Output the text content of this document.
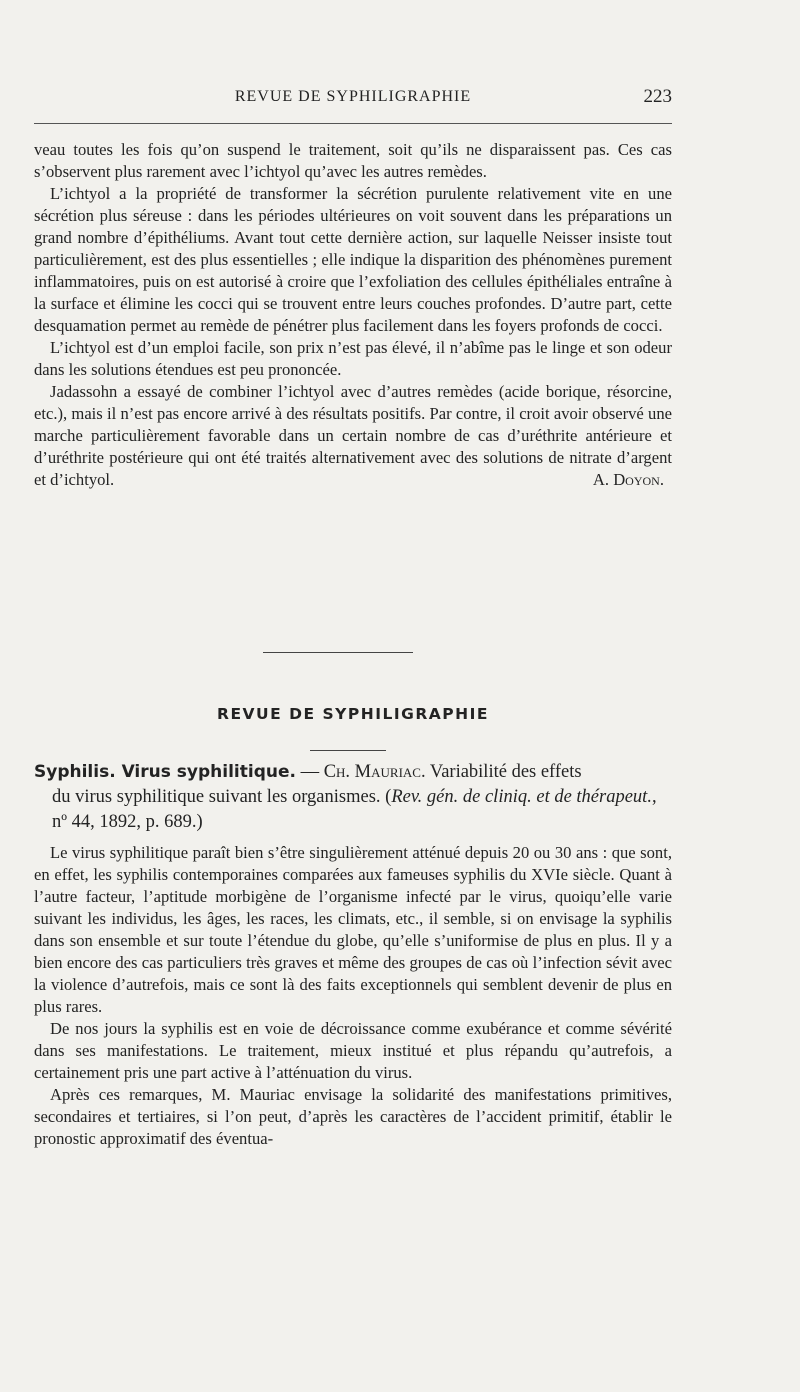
REVUE DE SYPHILIGRAPHIE	223

veau toutes les fois qu’on suspend le traitement, soit qu’ils ne disparaissent pas. Ces cas s’observent plus rarement avec l’ichtyol qu’avec les autres remèdes.

L’ichtyol a la propriété de transformer la sécrétion purulente relativement vite en une sécrétion plus séreuse : dans les périodes ultérieures on voit souvent dans les préparations un grand nombre d’épithéliums. Avant tout cette dernière action, sur laquelle Neisser insiste tout particulièrement, est des plus essentielles ; elle indique la disparition des phénomènes purement inflammatoires, puis on est autorisé à croire que l’exfoliation des cellules épithéliales entraîne à la surface et élimine les cocci qui se trouvent entre leurs couches profondes. D’autre part, cette desquamation permet au remède de pénétrer plus facilement dans les foyers profonds de cocci.

L’ichtyol est d’un emploi facile, son prix n’est pas élevé, il n’abîme pas le linge et son odeur dans les solutions étendues est peu prononcée.

Jadassohn a essayé de combiner l’ichtyol avec d’autres remèdes (acide borique, résorcine, etc.), mais il n’est pas encore arrivé à des résultats positifs. Par contre, il croit avoir observé une marche particulièrement favorable dans un certain nombre de cas d’uréthrite antérieure et d’uréthrite postérieure qui ont été traités alternativement avec des solutions de nitrate d’argent et d’ichtyol.	A. Doyon.
REVUE DE SYPHILIGRAPHIE
Syphilis. Virus syphilitique. — Ch. Mauriac. Variabilité des effets
du virus syphilitique suivant les organismes. (Rev. gén. de cliniq. et de thérapeut., nº 44, 1892, p. 689.)

Le virus syphilitique paraît bien s’être singulièrement atténué depuis 20 ou 30 ans : que sont, en effet, les syphilis contemporaines comparées aux fameuses syphilis du XVIe siècle. Quant à l’autre facteur, l’aptitude morbigène de l’organisme infecté par le virus, quoiqu’elle varie suivant les individus, les âges, les races, les climats, etc., il semble, si on envisage la syphilis dans son ensemble et sur toute l’étendue du globe, qu’elle s’uniformise de plus en plus. Il y a bien encore des cas particuliers très graves et même des groupes de cas où l’infection sévit avec la violence d’autrefois, mais ce sont là des faits exceptionnels qui semblent devenir de plus en plus rares.

De nos jours la syphilis est en voie de décroissance comme exubérance et comme sévérité dans ses manifestations. Le traitement, mieux institué et plus répandu qu’autrefois, a certainement pris une part active à l’atténuation du virus.

Après ces remarques, M. Mauriac envisage la solidarité des manifestations primitives, secondaires et tertiaires, si l’on peut, d’après les caractères de l’accident primitif, établir le pronostic approximatif des éventua-
